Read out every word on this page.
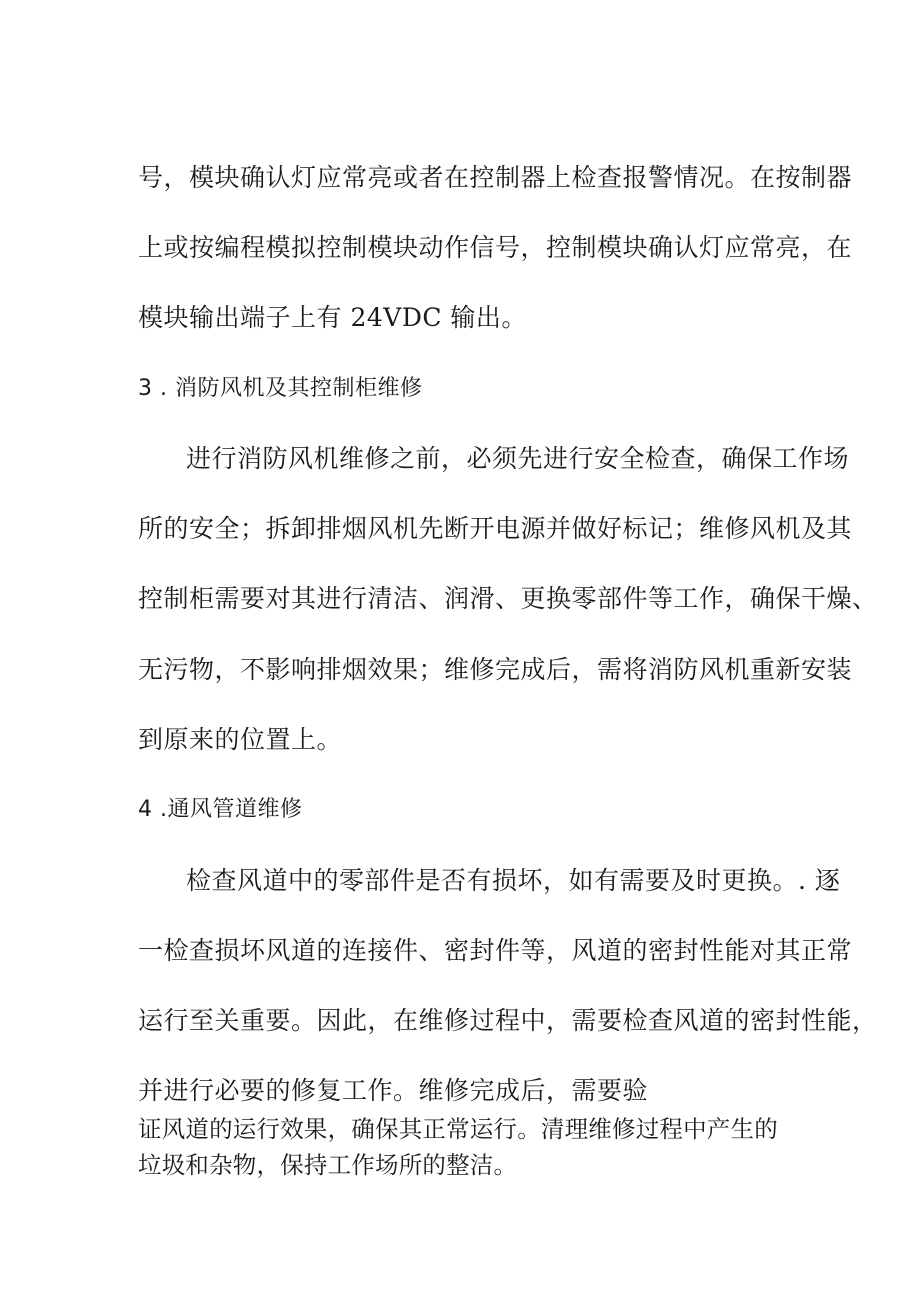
号，模块确认灯应常亮或者在控制器上检查报警情况。在按制器
上或按编程模拟控制模块动作信号，控制模块确认灯应常亮，在
模块输出端子上有 24VDC 输出。
3 . 消防风机及其控制柜维修
进行消防风机维修之前，必须先进行安全检查，确保工作场
所的安全；拆卸排烟风机先断开电源并做好标记；维修风机及其
控制柜需要对其进行清洁、润滑、更换零部件等工作，确保干燥、
无污物，不影响排烟效果；维修完成后，需将消防风机重新安装
到原来的位置上。
4 .通风管道维修
检查风道中的零部件是否有损坏，如有需要及时更换。. 逐
一检查损坏风道的连接件、密封件等，风道的密封性能对其正常
运行至关重要。因此，在维修过程中，需要检查风道的密封性能，
并进行必要的修复工作。维修完成后，需要验
证风道的运行效果，确保其正常运行。清理维修过程中产生的
垃圾和杂物，保持工作场所的整洁。
